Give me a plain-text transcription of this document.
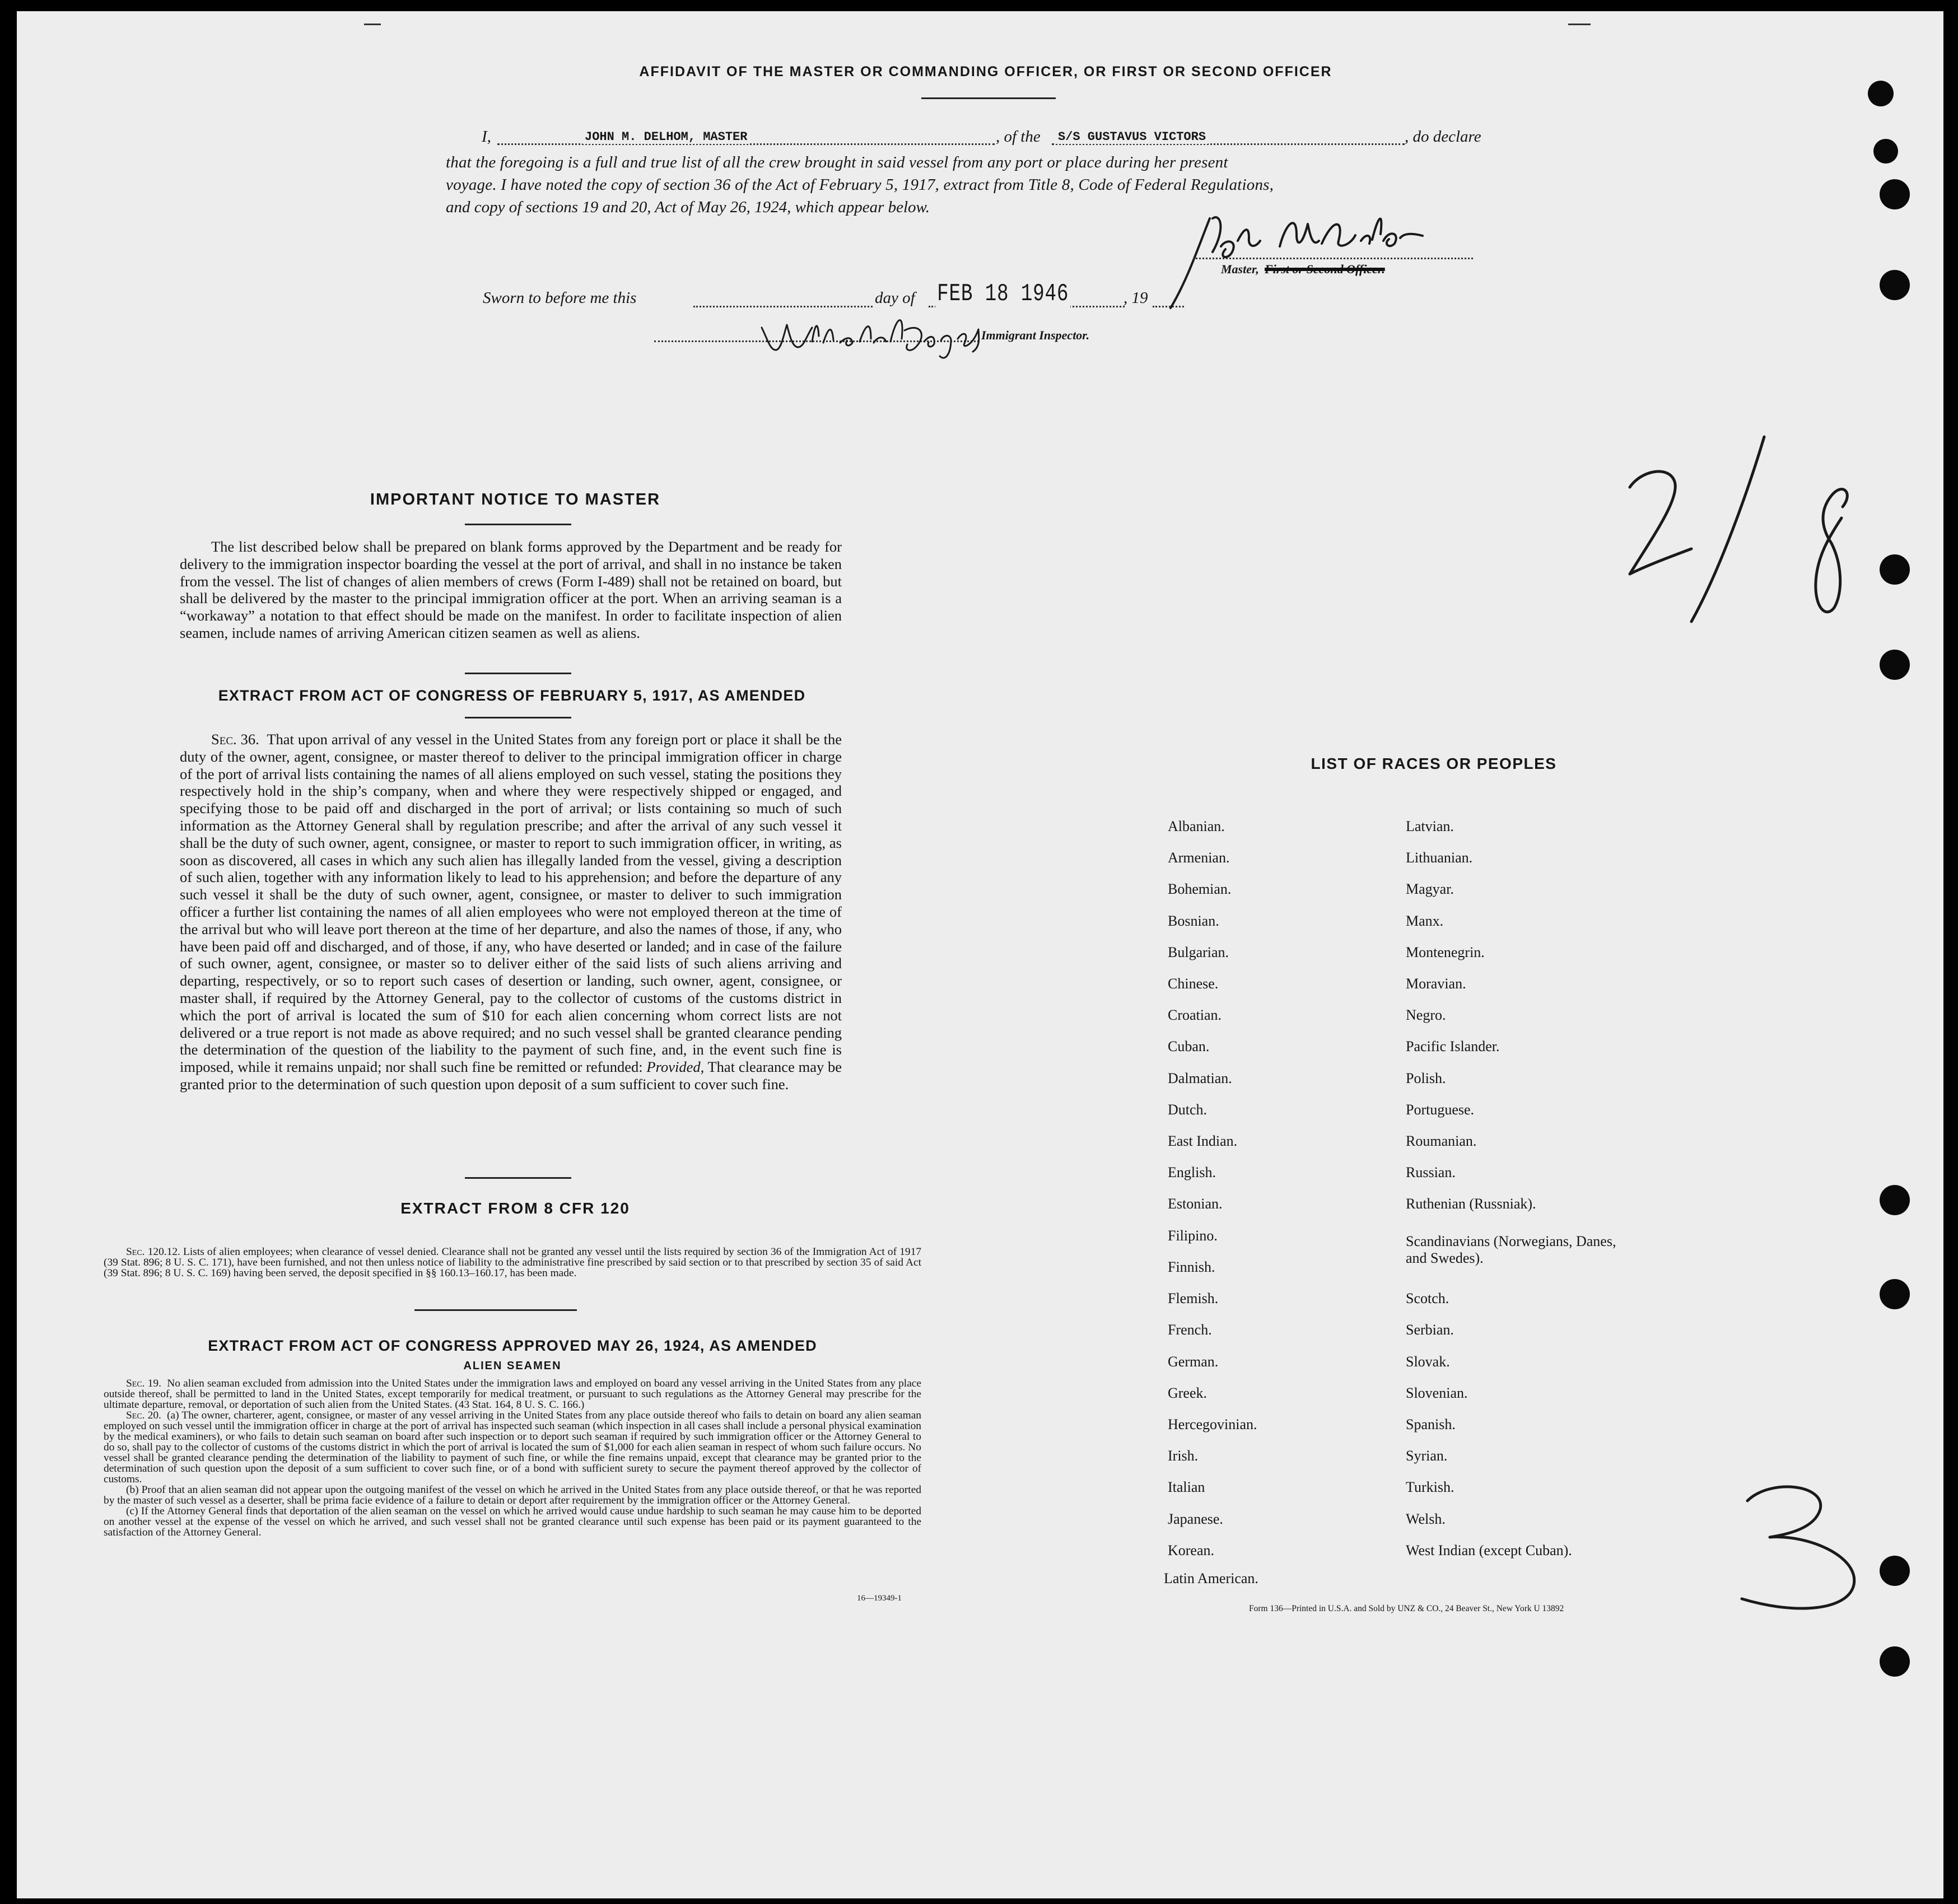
AFFIDAVIT OF THE MASTER OR COMMANDING OFFICER, OR FIRST OR SECOND OFFICER
I,	JOHN M. DELHOM, MASTER	, of the S/S GUSTAVUS VICTORS	, do declare
that the foregoing is a full and true list of all the crew brought in said vessel from any port or place during her present
voyage. I have noted the copy of section 36 of the Act of February 5, 1917, extract from Title 8, Code of Federal Regulations,
and copy of sections 19 and 20, Act of May 26, 1924, which appear below.
Master, First or Second Officer.
Sworn to before me this	day of FEB 18 1946	, 19
Immigrant Inspector.
IMPORTANT NOTICE TO MASTER
The list described below shall be prepared on blank forms approved by the Department and be ready for delivery to the immigration inspector boarding the vessel at the port of arrival, and shall in no instance be taken from the vessel. The list of changes of alien members of crews (Form I-489) shall not be retained on board, but shall be delivered by the master to the principal immigration officer at the port. When an arriving seaman is a “workaway” a notation to that effect should be made on the manifest. In order to facilitate inspection of alien seamen, include names of arriving American citizen seamen as well as aliens.
EXTRACT FROM ACT OF CONGRESS OF FEBRUARY 5, 1917, AS AMENDED
Sec. 36. That upon arrival of any vessel in the United States from any foreign port or place it shall be the duty of the owner, agent, consignee, or master thereof to deliver to the principal immigration officer in charge of the port of arrival lists containing the names of all aliens employed on such vessel, stating the positions they respectively hold in the ship’s company, when and where they were respectively shipped or engaged, and specifying those to be paid off and discharged in the port of arrival; or lists containing so much of such information as the Attorney General shall by regulation prescribe; and after the arrival of any such vessel it shall be the duty of such owner, agent, consignee, or master to report to such immigration officer, in writing, as soon as discovered, all cases in which any such alien has illegally landed from the vessel, giving a description of such alien, together with any information likely to lead to his apprehension; and before the departure of any such vessel it shall be the duty of such owner, agent, consignee, or master to deliver to such immigration officer a further list containing the names of all alien employees who were not employed thereon at the time of the arrival but who will leave port thereon at the time of her departure, and also the names of those, if any, who have been paid off and discharged, and of those, if any, who have deserted or landed; and in case of the failure of such owner, agent, consignee, or master so to deliver either of the said lists of such aliens arriving and departing, respectively, or so to report such cases of desertion or landing, such owner, agent, consignee, or master shall, if required by the Attorney General, pay to the collector of customs of the customs district in which the port of arrival is located the sum of $10 for each alien concerning whom correct lists are not delivered or a true report is not made as above required; and no such vessel shall be granted clearance pending the determination of the question of the liability to the payment of such fine, and, in the event such fine is imposed, while it remains unpaid; nor shall such fine be remitted or refunded: Provided, That clearance may be granted prior to the determination of such question upon deposit of a sum sufficient to cover such fine.
EXTRACT FROM 8 CFR 120

Sec. 120.12. Lists of alien employees; when clearance of vessel denied. Clearance shall not be granted any vessel until the lists required by section 36 of the Immigration Act of 1917 (39 Stat. 896; 8 U. S. C. 171), have been furnished, and not then unless notice of liability to the administrative fine prescribed by said section or to that prescribed by section 35 of said Act (39 Stat. 896; 8 U. S. C. 169) having been served, the deposit specified in §§ 160.13–160.17, has been made.

EXTRACT FROM ACT OF CONGRESS APPROVED MAY 26, 1924, AS AMENDED
ALIEN SEAMEN

Sec. 19. No alien seaman excluded from admission into the United States under the immigration laws and employed on board any vessel arriving in the United States from any place outside thereof, shall be permitted to land in the United States, except temporarily for medical treatment, or pursuant to such regulations as the Attorney General may prescribe for the ultimate departure, removal, or deportation of such alien from the United States. (43 Stat. 164, 8 U. S. C. 166.)

Sec. 20. (a) The owner, charterer, agent, consignee, or master of any vessel arriving in the United States from any place outside thereof who fails to detain on board any alien seaman employed on such vessel until the immigration officer in charge at the port of arrival has inspected such seaman (which inspection in all cases shall include a personal physical examination by the medical examiners), or who fails to detain such seaman on board after such inspection or to deport such seaman if required by such immigration officer or the Attorney General to do so, shall pay to the collector of customs of the customs district in which the port of arrival is located the sum of $1,000 for each alien seaman in respect of whom such failure occurs. No vessel shall be granted clearance pending the determination of the liability to payment of such fine, or while the fine remains unpaid, except that clearance may be granted prior to the determination of such question upon the deposit of a sum sufficient to cover such fine, or of a bond with sufficient surety to secure the payment thereof approved by the collector of customs.

(b) Proof that an alien seaman did not appear upon the outgoing manifest of the vessel on which he arrived in the United States from any place outside thereof, or that he was reported by the master of such vessel as a deserter, shall be prima facie evidence of a failure to detain or deport after requirement by the immigration officer or the Attorney General.

(c) If the Attorney General finds that deportation of the alien seaman on the vessel on which he arrived would cause undue hardship to such seaman he may cause him to be deported on another vessel at the expense of the vessel on which he arrived, and such vessel shall not be granted clearance until such expense has been paid or its payment guaranteed to the satisfaction of the Attorney General.

16—19349-1
LIST OF RACES OR PEOPLES
Form 136—Printed in U.S.A. and Sold by UNZ & CO., 24 Beaver St., New York U 13892
Albanian.
Armenian.
Bohemian.
Bosnian.
Bulgarian.
Chinese.
Croatian.
Cuban.
Dalmatian.
Dutch.
East Indian.
English.
Estonian.
Filipino.
Finnish.
Flemish.
French.
German.
Greek.
Hercegovinian.
Irish.
Italian
Japanese.
Korean.
Latin American.
Latvian.
Lithuanian.
Magyar.
Manx.
Montenegrin.
Moravian.
Negro.
Pacific Islander.
Polish.
Portuguese.
Roumanian.
Russian.
Ruthenian (Russniak).
Scandinavians (Norwegians, Danes, and Swedes).
Scotch.
Serbian.
Slovak.
Slovenian.
Spanish.
Syrian.
Turkish.
Welsh.
West Indian (except Cuban).
